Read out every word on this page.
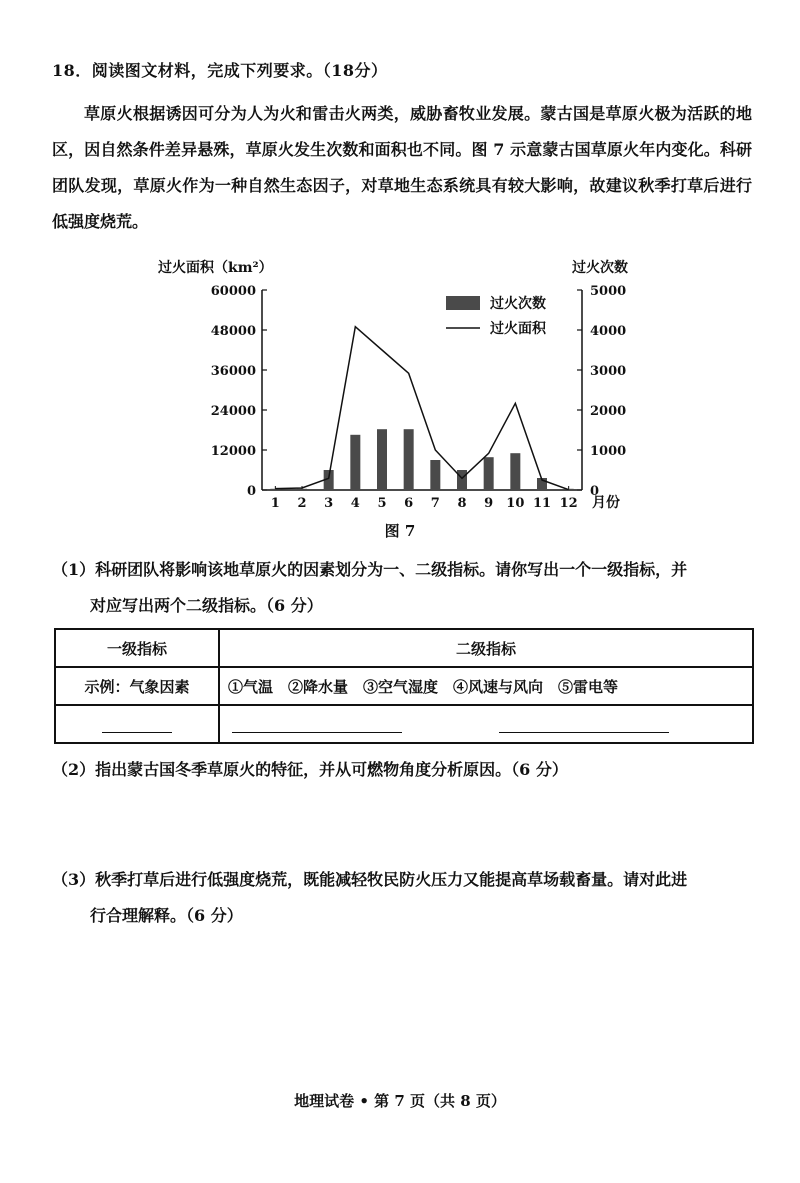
18．阅读图文材料，完成下列要求。（18分）

草原火根据诱因可分为人为火和雷击火两类，威胁畜牧业发展。蒙古国是草原火极为活跃的地区，因自然条件差异悬殊，草原火发生次数和面积也不同。图 7 示意蒙古国草原火年内变化。科研团队发现，草原火作为一种自然生态因子，对草地生态系统具有较大影响，故建议秋季打草后进行低强度烧荒。

0
12000
24000
36000
48000
60000
0
1000
2000
3000
4000
5000
过火面积（km²）	过火次数
1 2 3 4 5 6 7 8 9 10 11 12 月份
过火次数
过火面积
图 7
（1）科研团队将影响该地草原火的因素划分为一、二级指标。请你写出一个一级指标，并
对应写出两个二级指标。（6 分）
一级指标	二级指标
示例：气象因素	①气温　②降水量　③空气湿度　④风速与风向　⑤雷电等

（2）指出蒙古国冬季草原火的特征，并从可燃物角度分析原因。（6 分）
（3）秋季打草后进行低强度烧荒，既能减轻牧民防火压力又能提高草场载畜量。请对此进
行合理解释。（6 分）
地理试卷 • 第 7 页（共 8 页）
